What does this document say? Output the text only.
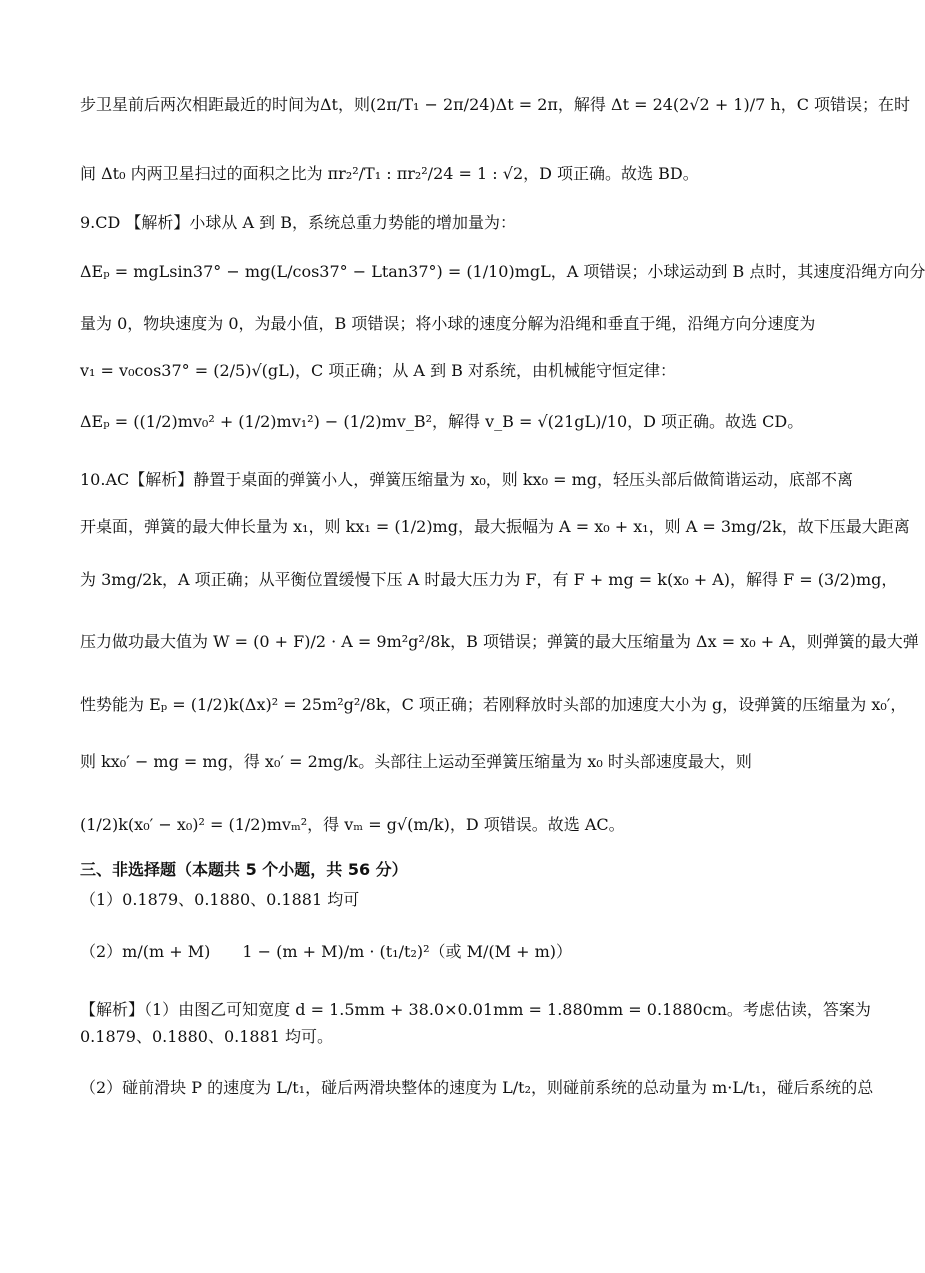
步卫星前后两次相距最近的时间为Δt，则(2π/T₁ − 2π/24)Δt = 2π，解得 Δt = 24(2√2 + 1)/7 h，C 项错误；在时
间 Δt₀ 内两卫星扫过的面积之比为 πr₂²/T₁ : πr₂²/24 = 1 : √2，D 项正确。故选 BD。
9.CD 【解析】小球从 A 到 B，系统总重力势能的增加量为：
ΔEₚ = mgLsin37° − mg(L/cos37° − Ltan37°) = (1/10)mgL，A 项错误；小球运动到 B 点时，其速度沿绳方向分
量为 0，物块速度为 0，为最小值，B 项错误；将小球的速度分解为沿绳和垂直于绳，沿绳方向分速度为
v₁ = v₀cos37° = (2/5)√(gL)，C 项正确；从 A 到 B 对系统，由机械能守恒定律：
ΔEₚ = ((1/2)mv₀² + (1/2)mv₁²) − (1/2)mv_B²，解得 v_B = √(21gL)/10，D 项正确。故选 CD。
10.AC【解析】静置于桌面的弹簧小人，弹簧压缩量为 x₀，则 kx₀ = mg，轻压头部后做简谐运动，底部不离
开桌面，弹簧的最大伸长量为 x₁，则 kx₁ = (1/2)mg，最大振幅为 A = x₀ + x₁，则 A = 3mg/2k，故下压最大距离
为 3mg/2k，A 项正确；从平衡位置缓慢下压 A 时最大压力为 F，有 F + mg = k(x₀ + A)，解得 F = (3/2)mg，
压力做功最大值为 W = (0 + F)/2 · A = 9m²g²/8k，B 项错误；弹簧的最大压缩量为 Δx = x₀ + A，则弹簧的最大弹
性势能为 Eₚ = (1/2)k(Δx)² = 25m²g²/8k，C 项正确；若刚释放时头部的加速度大小为 g，设弹簧的压缩量为 x₀′，
则 kx₀′ − mg = mg，得 x₀′ = 2mg/k。头部往上运动至弹簧压缩量为 x₀ 时头部速度最大，则
(1/2)k(x₀′ − x₀)² = (1/2)mvₘ²，得 vₘ = g√(m/k)，D 项错误。故选 AC。
三、非选择题（本题共 5 个小题，共 56 分）
（1）0.1879、0.1880、0.1881 均可
（2）m/(m + M)　　1 − (m + M)/m · (t₁/t₂)²（或 M/(M + m)）
【解析】（1）由图乙可知宽度 d = 1.5mm + 38.0×0.01mm = 1.880mm = 0.1880cm。考虑估读，答案为
0.1879、0.1880、0.1881 均可。
（2）碰前滑块 P 的速度为 L/t₁，碰后两滑块整体的速度为 L/t₂，则碰前系统的总动量为 m·L/t₁，碰后系统的总
